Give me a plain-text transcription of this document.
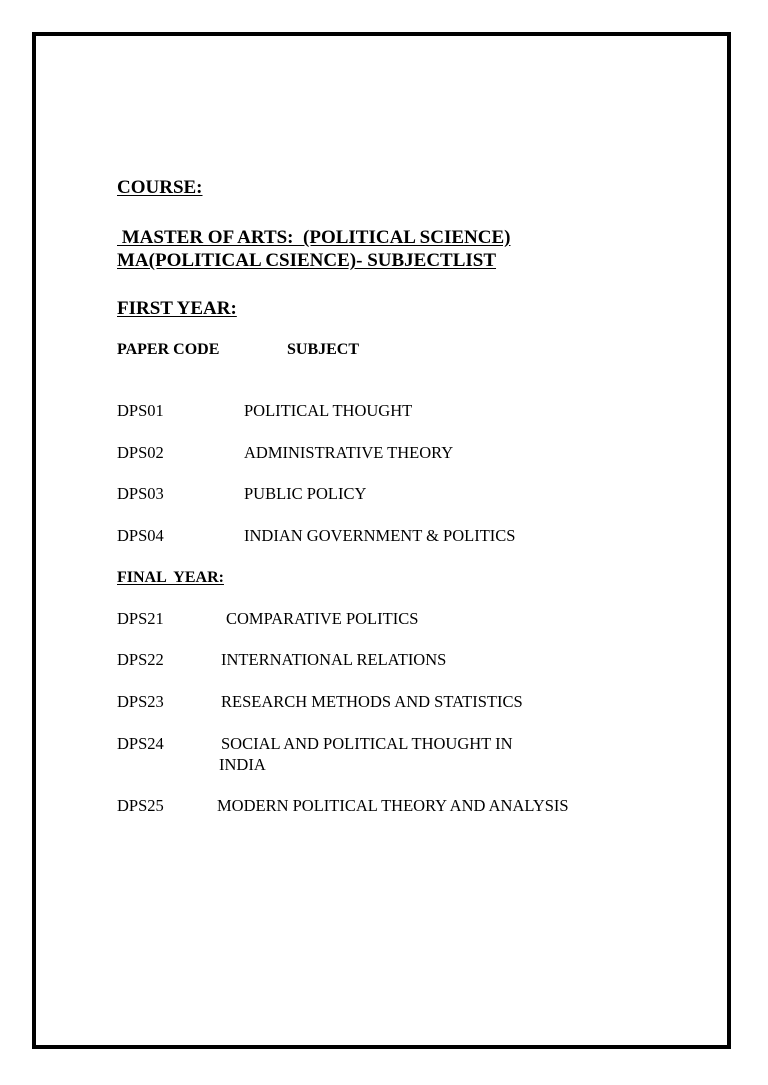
COURSE:
MASTER OF ARTS:  (POLITICAL SCIENCE)
MA(POLITICAL CSIENCE)- SUBJECTLIST
FIRST YEAR:
PAPER CODE	SUBJECT
DPS01	POLITICAL THOUGHT
DPS02	ADMINISTRATIVE THEORY
DPS03	PUBLIC POLICY
DPS04	INDIAN GOVERNMENT & POLITICS
FINAL  YEAR:
DPS21	COMPARATIVE POLITICS
DPS22	INTERNATIONAL RELATIONS
DPS23	RESEARCH METHODS AND STATISTICS
DPS24	SOCIAL AND POLITICAL THOUGHT IN
INDIA
DPS25	MODERN POLITICAL THEORY AND ANALYSIS
